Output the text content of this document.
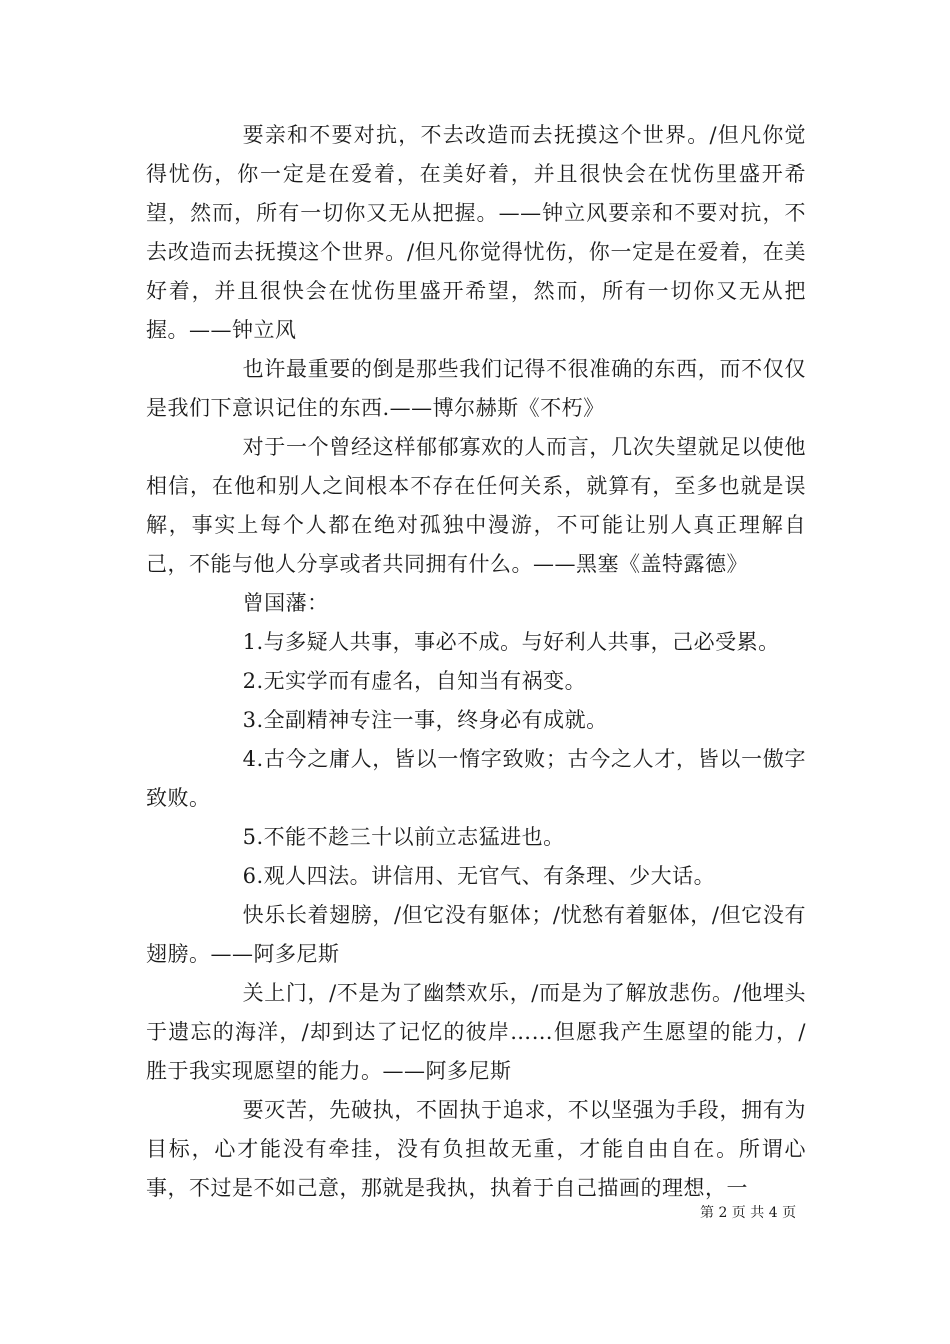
要亲和不要对抗，不去改造而去抚摸这个世界。/但凡你觉得忧伤，你一定是在爱着，在美好着，并且很快会在忧伤里盛开希望，然而，所有一切你又无从把握。——钟立风要亲和不要对抗，不去改造而去抚摸这个世界。/但凡你觉得忧伤，你一定是在爱着，在美好着，并且很快会在忧伤里盛开希望，然而，所有一切你又无从把握。——钟立风

也许最重要的倒是那些我们记得不很准确的东西，而不仅仅是我们下意识记住的东西.——博尔赫斯《不朽》

对于一个曾经这样郁郁寡欢的人而言，几次失望就足以使他相信，在他和别人之间根本不存在任何关系，就算有，至多也就是误解，事实上每个人都在绝对孤独中漫游，不可能让别人真正理解自己，不能与他人分享或者共同拥有什么。——黑塞《盖特露德》

曾国藩：

1.与多疑人共事，事必不成。与好利人共事，己必受累。

2.无实学而有虚名，自知当有祸变。

3.全副精神专注一事，终身必有成就。

4.古今之庸人，皆以一惰字致败；古今之人才，皆以一傲字致败。

5.不能不趁三十以前立志猛进也。

6.观人四法。讲信用、无官气、有条理、少大话。

快乐长着翅膀，/但它没有躯体；/忧愁有着躯体，/但它没有翅膀。——阿多尼斯

关上门，/不是为了幽禁欢乐，/而是为了解放悲伤。/他埋头于遗忘的海洋，/却到达了记忆的彼岸……但愿我产生愿望的能力，/胜于我实现愿望的能力。——阿多尼斯

要灭苦，先破执，不固执于追求，不以坚强为手段，拥有为目标，心才能没有牵挂，没有负担故无重，才能自由自在。所谓心事，不过是不如己意，那就是我执，执着于自己描画的理想，一

第 2 页 共 4 页
